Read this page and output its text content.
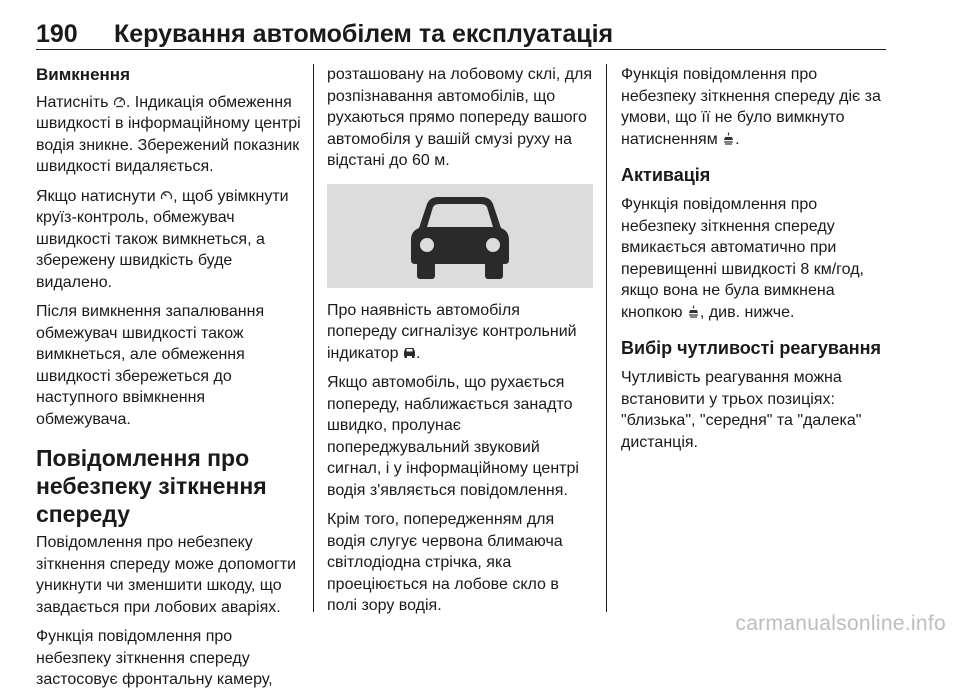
190 Керування автомобілем та експлуатація
Вимкнення

Натисніть . Індикація обмеження швидкості в інформаційному центрі водія зникне. Збережений показник швидкості видаляється.

Якщо натиснути , щоб увімкнути круїз-контроль, обмежувач швидкості також вимкнеться, а збережену швидкість буде видалено.

Після вимкнення запалювання обмежувач швидкості також вимкнеться, але обмеження швидкості збережеться до наступного ввімкнення обмежувача.

Повідомлення про небезпеку зіткнення спереду

Повідомлення про небезпеку зіткнення спереду може допомогти уникнути чи зменшити шкоду, що завдається при лобових аваріях.

Функція повідомлення про небезпеку зіткнення спереду застосовує фронтальну камеру,

розташовану на лобовому склі, для розпізнавання автомобілів, що рухаються прямо попереду вашого автомобіля у вашій смузі руху на відстані до 60 м.

Про наявність автомобіля попереду сигналізує контрольний індикатор .

Якщо автомобіль, що рухається попереду, наближається занадто швидко, пролунає попереджувальний звуковий сигнал, і у інформаційному центрі водія з'являється повідомлення.

Крім того, попередженням для водія слугує червона блимаюча світлодіодна стрічка, яка проеціюється на лобове скло в полі зору водія.

Функція повідомлення про небезпеку зіткнення спереду діє за умови, що її не було вимкнуто натисненням .

Активація

Функція повідомлення про небезпеку зіткнення спереду вмикається автоматично при перевищенні швидкості 8 км/год, якщо вона не була вимкнена кнопкою , див. нижче.

Вибір чутливості реагування

Чутливість реагування можна встановити у трьох позиціях: "близька", "середня" та "далека" дистанція.

carmanualsonline.info
